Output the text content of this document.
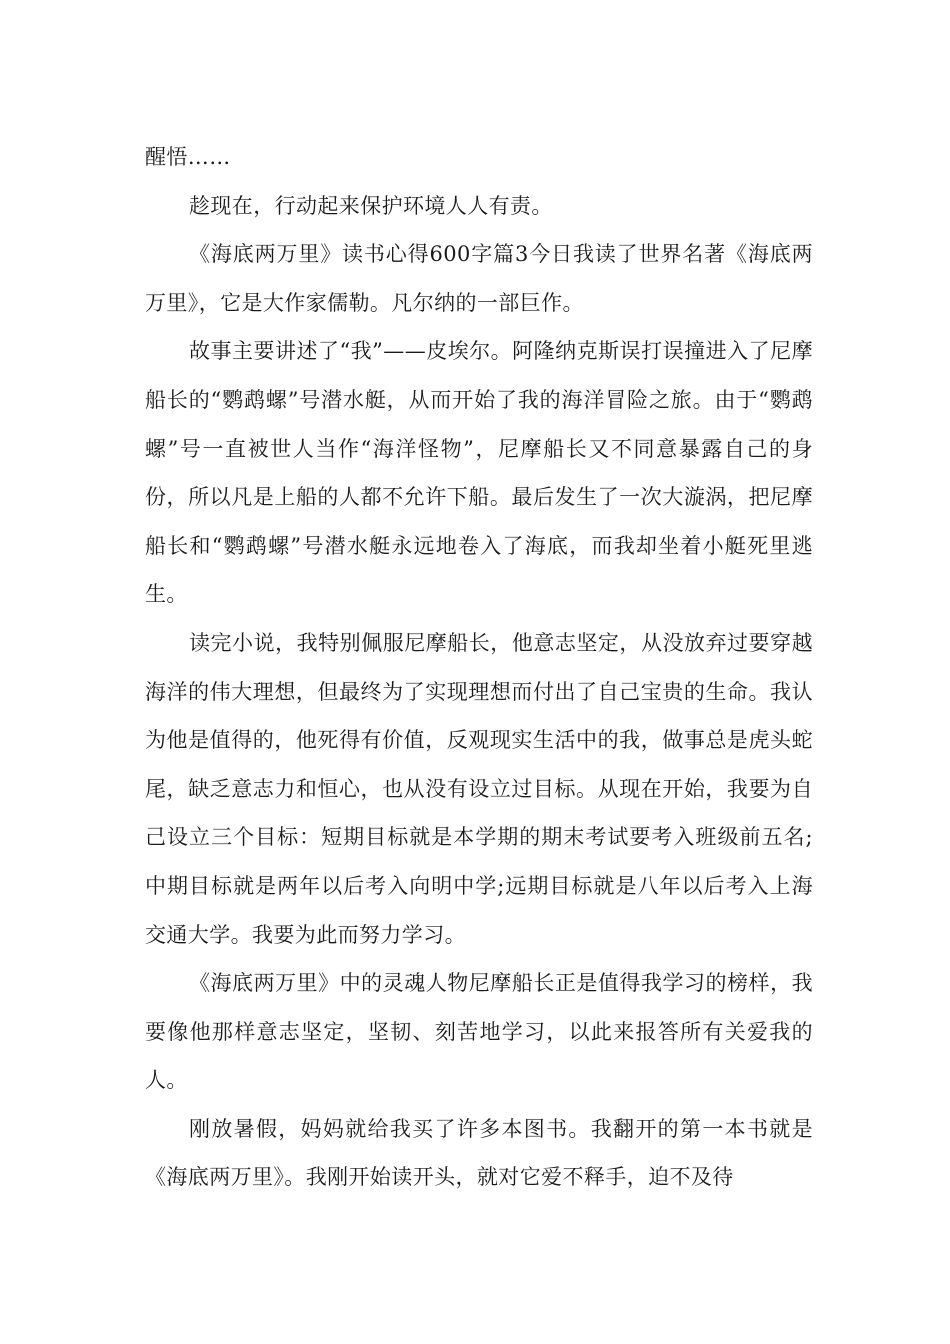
醒悟……

趁现在，行动起来保护环境人人有责。

《海底两万里》读书心得600字篇3今日我读了世界名著《海底两万里》，它是大作家儒勒。凡尔纳的一部巨作。

故事主要讲述了“我”——皮埃尔。阿隆纳克斯误打误撞进入了尼摩船长的“鹦鹉螺”号潜水艇，从而开始了我的海洋冒险之旅。由于“鹦鹉螺”号一直被世人当作“海洋怪物”，尼摩船长又不同意暴露自己的身份，所以凡是上船的人都不允许下船。最后发生了一次大漩涡，把尼摩船长和“鹦鹉螺”号潜水艇永远地卷入了海底，而我却坐着小艇死里逃生。

读完小说，我特别佩服尼摩船长，他意志坚定，从没放弃过要穿越海洋的伟大理想，但最终为了实现理想而付出了自己宝贵的生命。我认为他是值得的，他死得有价值，反观现实生活中的我，做事总是虎头蛇尾，缺乏意志力和恒心，也从没有设立过目标。从现在开始，我要为自己设立三个目标：短期目标就是本学期的期末考试要考入班级前五名;中期目标就是两年以后考入向明中学;远期目标就是八年以后考入上海交通大学。我要为此而努力学习。

《海底两万里》中的灵魂人物尼摩船长正是值得我学习的榜样，我要像他那样意志坚定，坚韧、刻苦地学习，以此来报答所有关爱我的人。

刚放暑假，妈妈就给我买了许多本图书。我翻开的第一本书就是《海底两万里》。我刚开始读开头，就对它爱不释手，迫不及待
